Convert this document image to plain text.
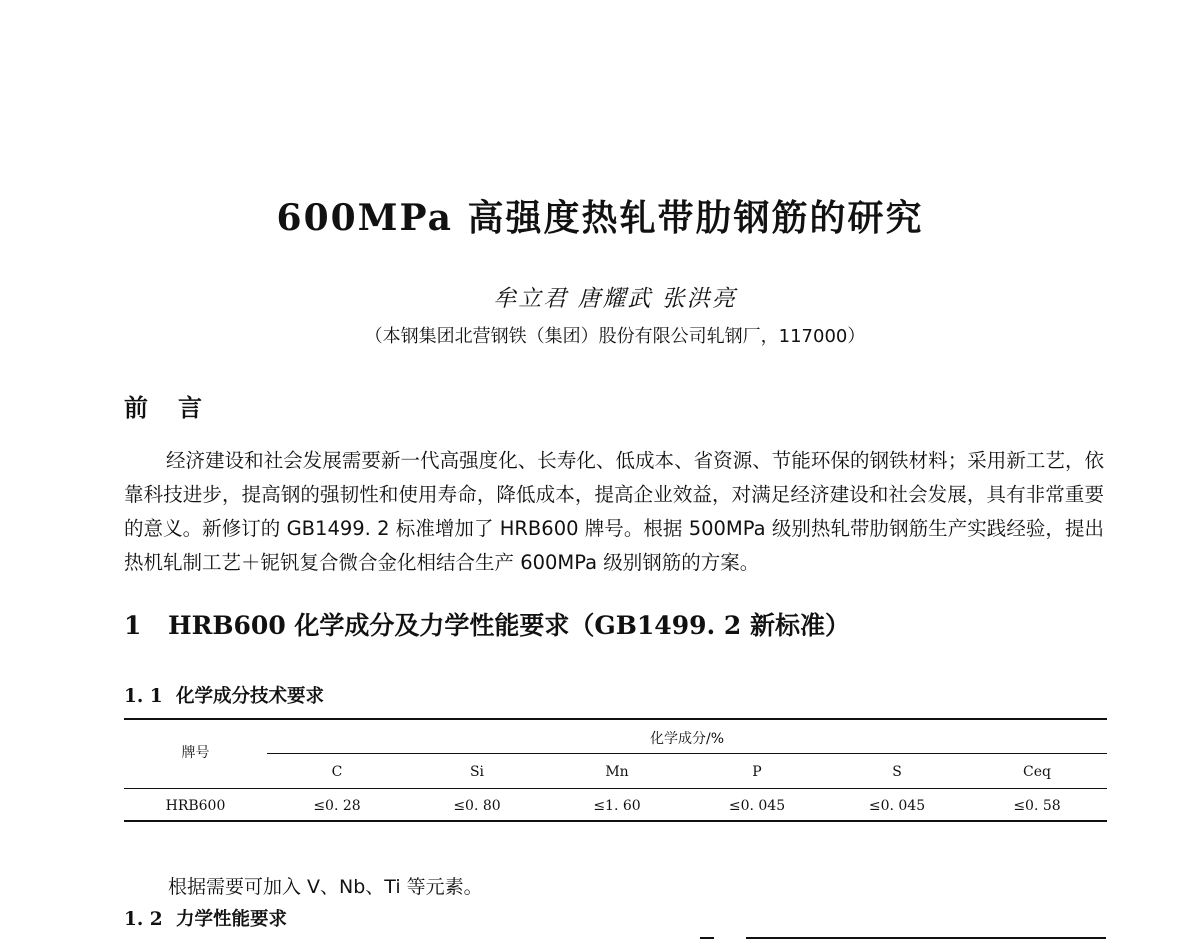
600MPa 高强度热轧带肋钢筋的研究
牟立君 唐耀武 张洪亮
（本钢集团北营钢铁（集团）股份有限公司轧钢厂，117000）
前言

经济建设和社会发展需要新一代高强度化、长寿化、低成本、省资源、节能环保的钢铁材料；采用新工艺，依靠科技进步，提高钢的强韧性和使用寿命，降低成本，提高企业效益，对满足经济建设和社会发展，具有非常重要的意义。新修订的 GB1499. 2 标准增加了 HRB600 牌号。根据 500MPa 级别热轧带肋钢筋生产实践经验，提出热机轧制工艺＋铌钒复合微合金化相结合生产 600MPa 级别钢筋的方案。

1 HRB600 化学成分及力学性能要求（GB1499. 2 新标准）
1. 1 化学成分技术要求
牌号
化学成分/%
C	Si	Mn	P	S	Ceq
HRB600	≤0. 28	≤0. 80	≤1. 60	≤0. 045	≤0. 045	≤0. 58
根据需要可加入 V、Nb、Ti 等元素。
1. 2 力学性能要求
